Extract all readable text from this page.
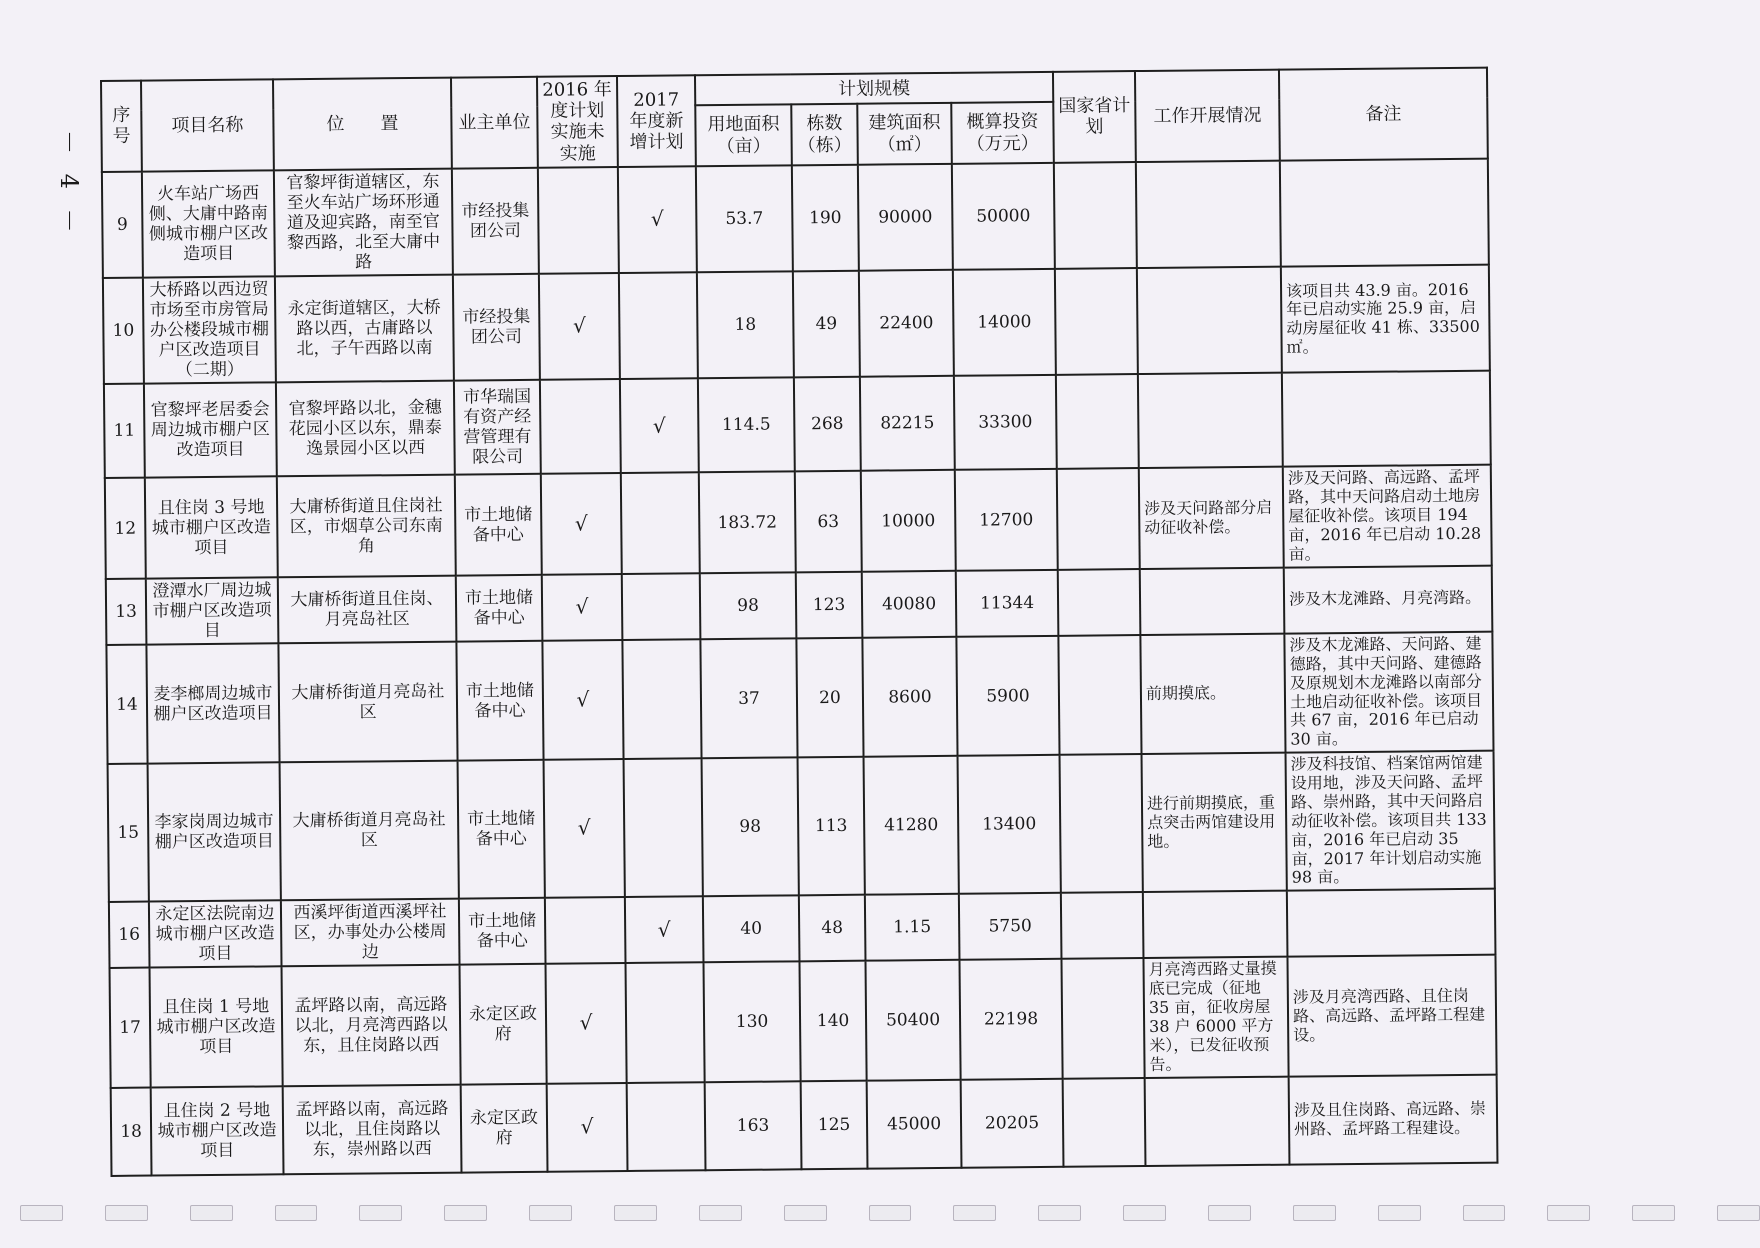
－ 4 －
序号	项目名称	位　　置	业主单位	2016 年度计划实施未实施	2017 年度新增计划	计划规模				国家省计划	工作开展情况	备注
						用地面积（亩）	栋数（栋）	建筑面积（㎡）	概算投资（万元）			
9	火车站广场西侧、大庸中路南侧城市棚户区改造项目	官黎坪街道辖区，东至火车站广场环形通道及迎宾路，南至官黎西路，北至大庸中路	市经投集团公司		√	53.7	190	90000	50000			
10	大桥路以西边贸市场至市房管局办公楼段城市棚户区改造项目（二期）	永定街道辖区，大桥路以西，古庸路以北，子午西路以南	市经投集团公司	√		18	49	22400	14000			该项目共 43.9 亩。2016 年已启动实施 25.9 亩，启动房屋征收 41 栋、33500㎡。
11	官黎坪老居委会周边城市棚户区改造项目	官黎坪路以北，金穗花园小区以东，鼎泰逸景园小区以西	市华瑞国有资产经营管理有限公司		√	114.5	268	82215	33300			
12	且住岗 3 号地城市棚户区改造项目	大庸桥街道且住岗社区，市烟草公司东南角	市土地储备中心	√		183.72	63	10000	12700		涉及天问路部分启动征收补偿。	涉及天问路、高远路、孟坪路，其中天问路启动土地房屋征收补偿。该项目 194 亩，2016 年已启动 10.28 亩。
13	澄潭水厂周边城市棚户区改造项目	大庸桥街道且住岗、月亮岛社区	市土地储备中心	√		98	123	40080	11344			涉及木龙滩路、月亮湾路。
14	麦李榔周边城市棚户区改造项目	大庸桥街道月亮岛社区	市土地储备中心	√		37	20	8600	5900		前期摸底。	涉及木龙滩路、天问路、建德路，其中天问路、建德路及原规划木龙滩路以南部分土地启动征收补偿。该项目共 67 亩，2016 年已启动 30 亩。
15	李家岗周边城市棚户区改造项目	大庸桥街道月亮岛社区	市土地储备中心	√		98	113	41280	13400		进行前期摸底，重点突击两馆建设用地。	涉及科技馆、档案馆两馆建设用地，涉及天问路、孟坪路、崇州路，其中天问路启动征收补偿。该项目共 133 亩，2016 年已启动 35 亩，2017 年计划启动实施 98 亩。
16	永定区法院南边城市棚户区改造项目	西溪坪街道西溪坪社区，办事处办公楼周边	市土地储备中心		√	40	48	1.15	5750			
17	且住岗 1 号地城市棚户区改造项目	孟坪路以南，高远路以北，月亮湾西路以东，且住岗路以西	永定区政府	√		130	140	50400	22198		月亮湾西路丈量摸底已完成（征地 35 亩，征收房屋 38 户 6000 平方米），已发征收预告。	涉及月亮湾西路、且住岗路、高远路、孟坪路工程建设。
18	且住岗 2 号地城市棚户区改造项目	孟坪路以南，高远路以北，且住岗路以东，崇州路以西	永定区政府	√		163	125	45000	20205			涉及且住岗路、高远路、崇州路、孟坪路工程建设。
